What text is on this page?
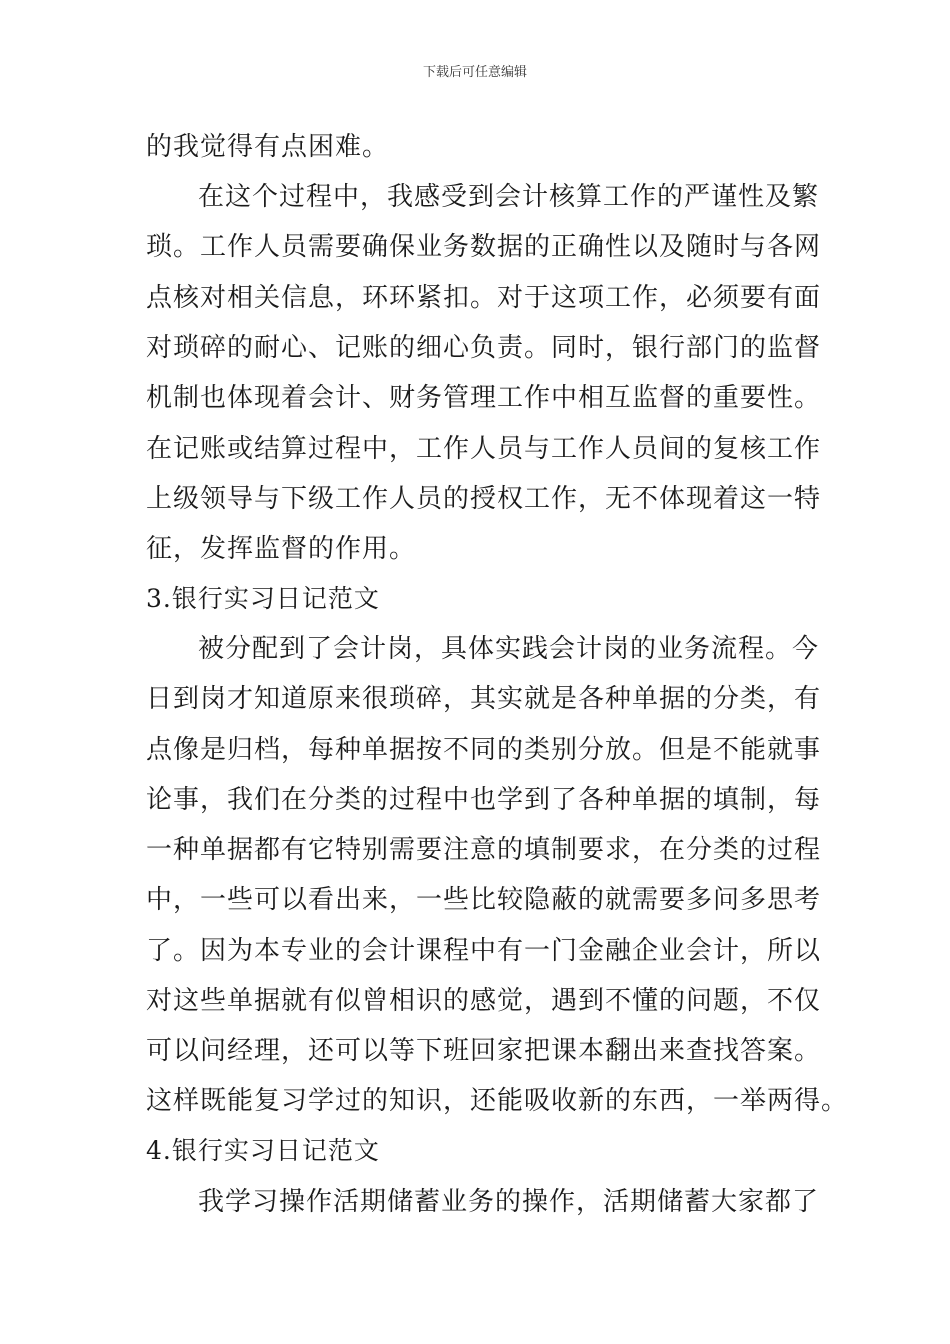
下载后可任意编辑
的我觉得有点困难。
在这个过程中，我感受到会计核算工作的严谨性及繁
琐。工作人员需要确保业务数据的正确性以及随时与各网
点核对相关信息，环环紧扣。对于这项工作，必须要有面
对琐碎的耐心、记账的细心负责。同时，银行部门的监督
机制也体现着会计、财务管理工作中相互监督的重要性。
在记账或结算过程中，工作人员与工作人员间的复核工作
上级领导与下级工作人员的授权工作，无不体现着这一特
征，发挥监督的作用。
3.银行实习日记范文
被分配到了会计岗，具体实践会计岗的业务流程。今
日到岗才知道原来很琐碎，其实就是各种单据的分类，有
点像是归档，每种单据按不同的类别分放。但是不能就事
论事，我们在分类的过程中也学到了各种单据的填制，每
一种单据都有它特别需要注意的填制要求，在分类的过程
中，一些可以看出来，一些比较隐蔽的就需要多问多思考
了。因为本专业的会计课程中有一门金融企业会计，所以
对这些单据就有似曾相识的感觉，遇到不懂的问题，不仅
可以问经理，还可以等下班回家把课本翻出来查找答案。
这样既能复习学过的知识，还能吸收新的东西，一举两得。
4.银行实习日记范文
我学习操作活期储蓄业务的操作，活期储蓄大家都了
